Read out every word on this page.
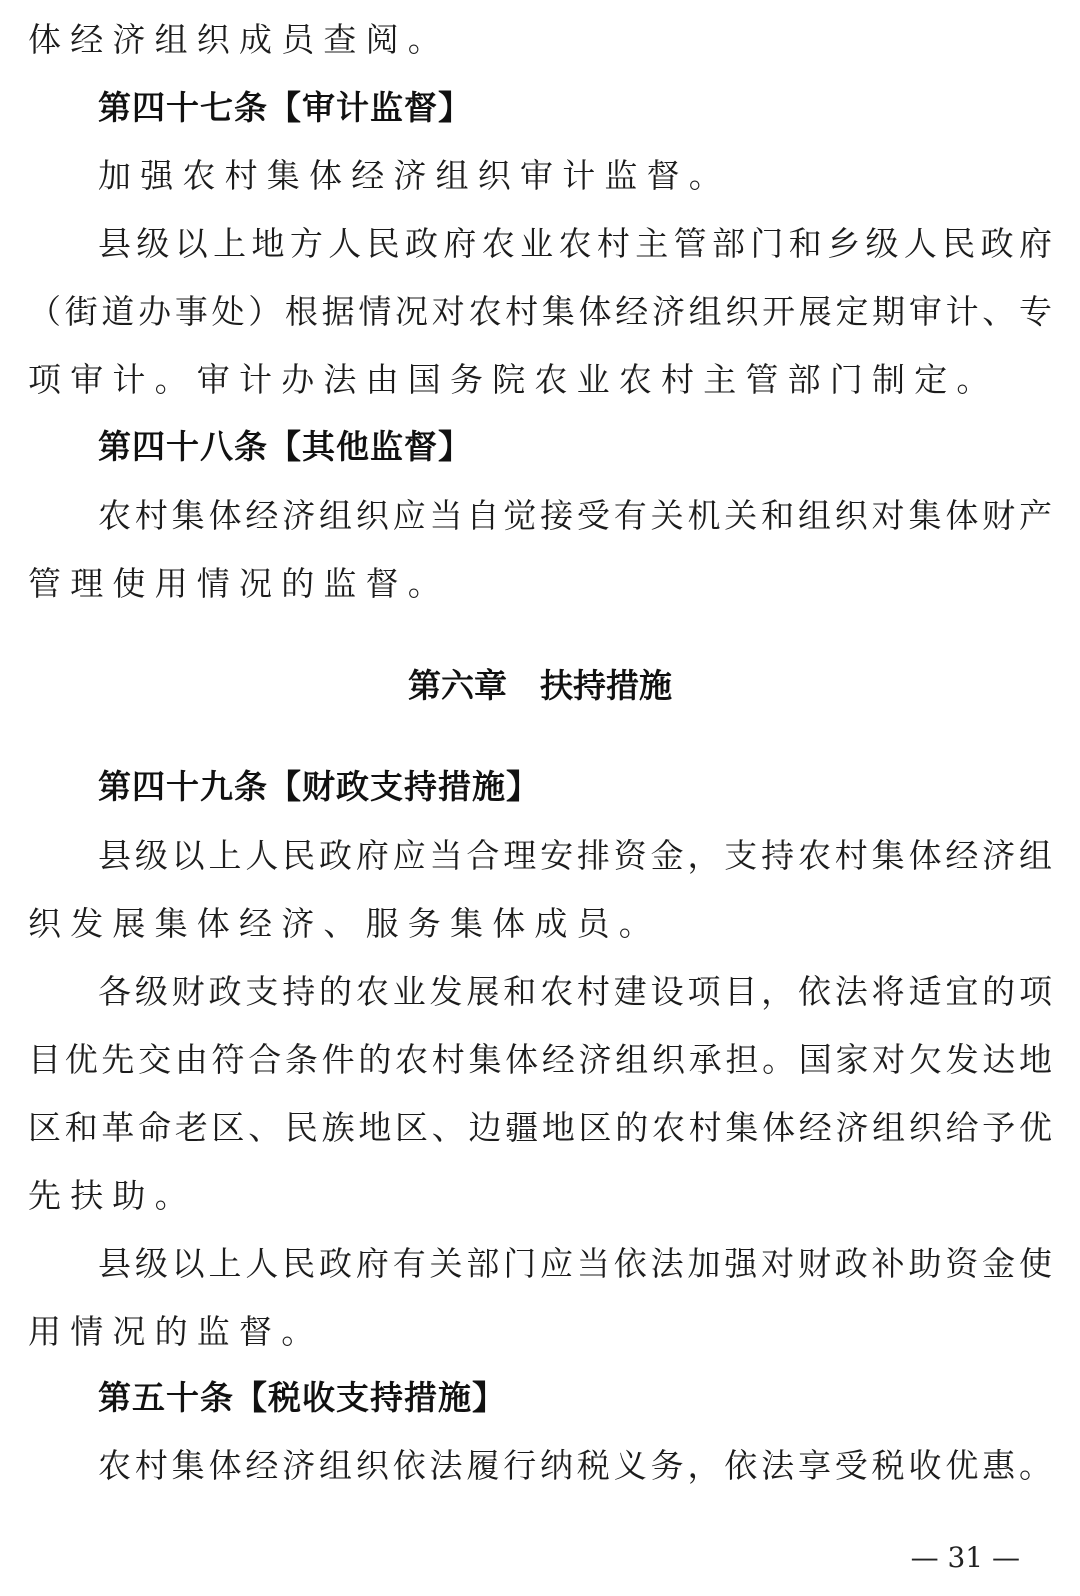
体经济组织成员查阅。
第四十七条【审计监督】
加强农村集体经济组织审计监督。
县级以上地方人民政府农业农村主管部门和乡级人民政府
（街道办事处）根据情况对农村集体经济组织开展定期审计、专
项审计。审计办法由国务院农业农村主管部门制定。
第四十八条【其他监督】
农村集体经济组织应当自觉接受有关机关和组织对集体财产
管理使用情况的监督。
第六章　扶持措施
第四十九条【财政支持措施】
县级以上人民政府应当合理安排资金，支持农村集体经济组
织发展集体经济、服务集体成员。
各级财政支持的农业发展和农村建设项目，依法将适宜的项
目优先交由符合条件的农村集体经济组织承担。国家对欠发达地
区和革命老区、民族地区、边疆地区的农村集体经济组织给予优
先扶助。
县级以上人民政府有关部门应当依法加强对财政补助资金使
用情况的监督。
第五十条【税收支持措施】
农村集体经济组织依法履行纳税义务，依法享受税收优惠。
— 31 —
